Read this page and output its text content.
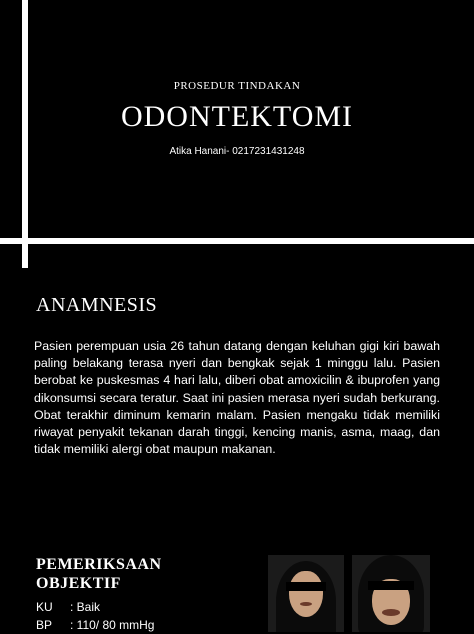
PROSEDUR TINDAKAN
ODONTEKTOMI
Atika Hanani- 0217231431248
ANAMNESIS
Pasien perempuan usia 26 tahun datang dengan keluhan gigi kiri bawah paling belakang terasa nyeri dan bengkak sejak 1 minggu lalu. Pasien berobat ke puskesmas 4 hari lalu, diberi obat amoxicilin & ibuprofen yang dikonsumsi secara teratur. Saat ini pasien merasa nyeri sudah berkurang. Obat terakhir diminum kemarin malam. Pasien mengaku tidak memiliki riwayat penyakit tekanan darah tinggi, kencing manis, asma, maag, dan tidak memiliki alergi obat maupun makanan.
PEMERIKSAAN
OBJEKTIF
KU	: Baik
BP	: 110/ 80 mmHg
